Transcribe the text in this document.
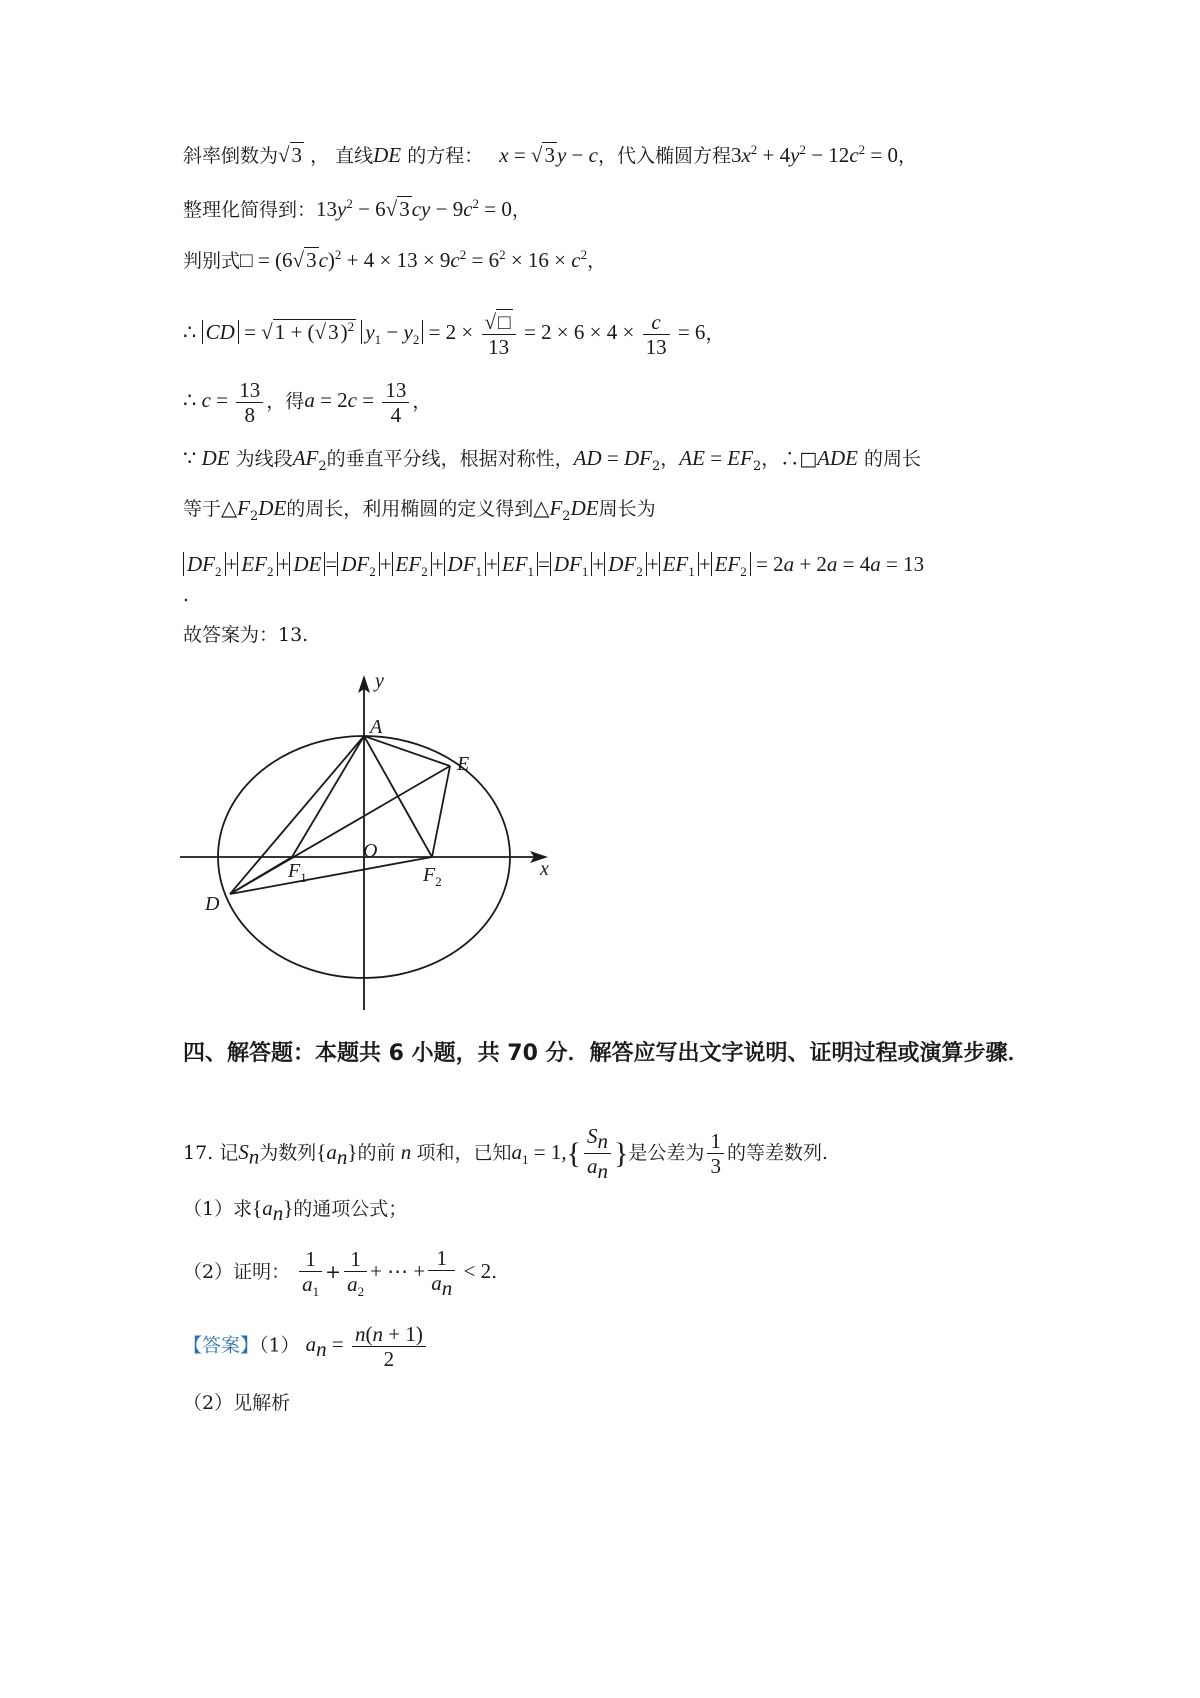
斜率倒数为√3 ， 直线DE 的方程： x = √3y − c，代入椭圆方程$3x^2 + 4y^2 - 12c^2 = 0$，
整理化简得到：$13y^2 - 6√3cy - 9c^2 = 0$，
判别式□ = $(6√3c)^2 + 4 \times 13 \times 9c^2 = 6^2 \times 16 \times c^2$，
∴ CD = $√1 + (√3)^2$ $y_1 - y_2 = 2 \times \frac{√□}{13} = 2 \times 6 \times 4 \times \frac{c}{13} = 6$，
∴ $c = \frac{13}{8}$ ，得$a = 2c = \frac{13}{4}$ ，
∵ DE 为线段$AF_2$的垂直平分线，根据对称性，AD = $DF_2$，AE = $EF_2$，∴□ADE 的周长
等于$\triangle F_2DE$的周长，利用椭圆的定义得到$\triangle F_2DE$周长为
$DF_2 + EF_2$ + DE = $DF_2 + EF_2 + DF_1 + EF_1 = DF_1 + DF_2 + EF_1 + EF_2 = 2a + 2a = 4a = 13$
.
故答案为：13.
y
x
A
E
O
$F_1$	$F_2$
D
四、解答题：本题共 6 小题，共 70 分．解答应写出文字说明、证明过程或演算步骤．
17. 记$S_n$为数列$\{a_n\}$的前 n 项和，已知$a_1 = 1,\{ \frac{S_n}{a_n}$ }是公差为 $\frac{1}{3}$ 的等差数列.
（1）求$\{a_n\}$的通项公式；
（2）证明： $\frac{1}{a_1} + \frac{1}{a_2}$ + ⋯ + $\frac{1}{a_n} < 2$.
【答案】（1） $a_n = \frac{n(n + 1)}{2}$
（2）见解析
